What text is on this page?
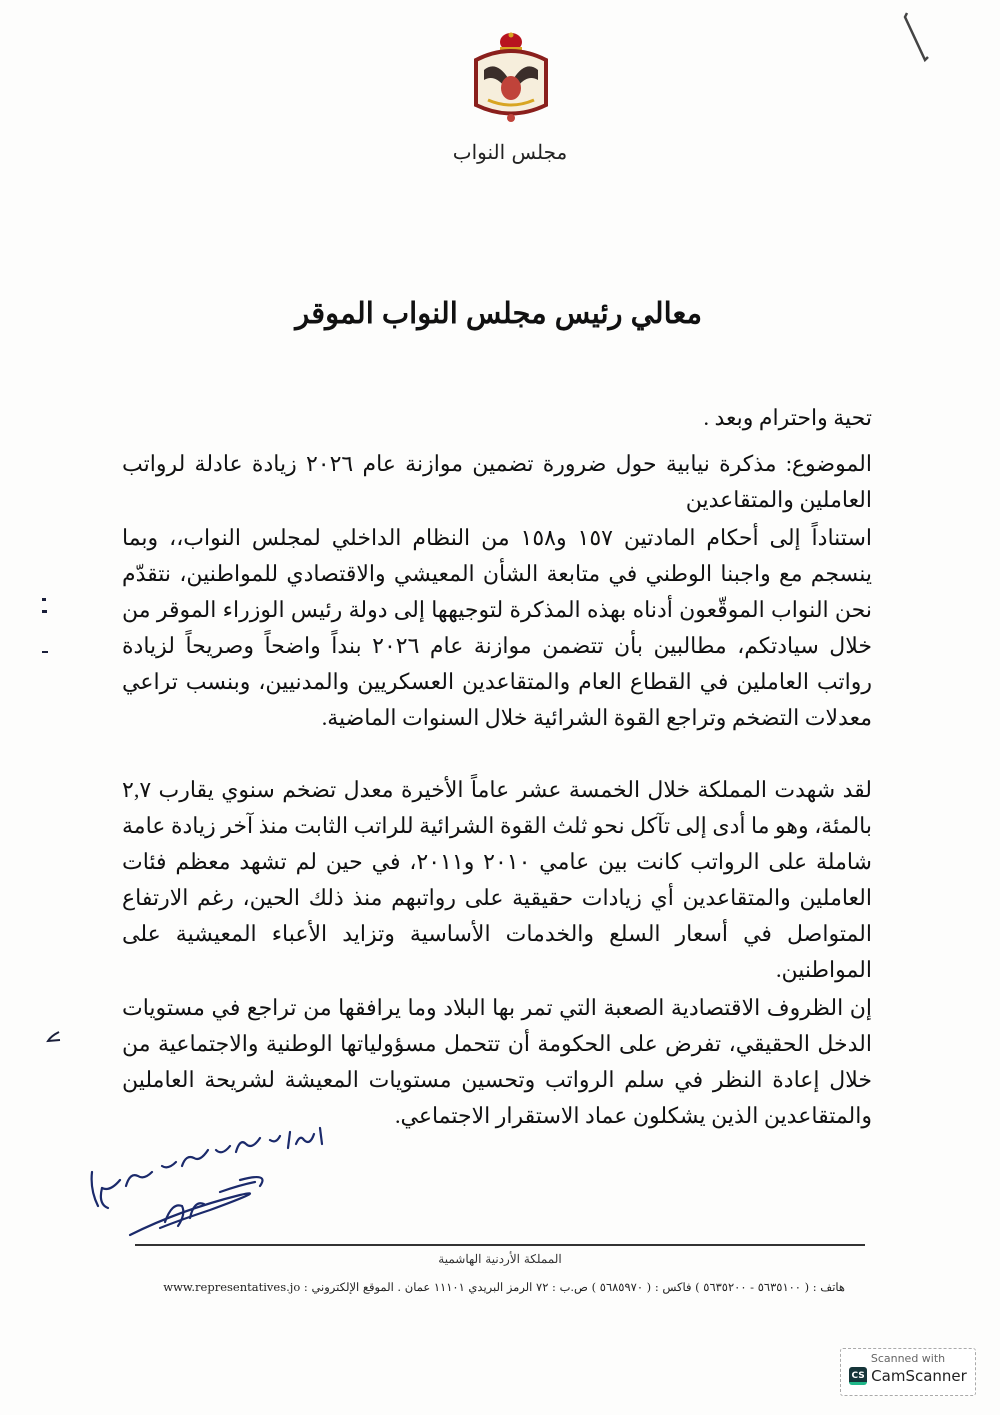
مجلس النواب
معالي رئيس مجلس النواب الموقر
تحية واحترام وبعد .
الموضوع: مذكرة نيابية حول ضرورة تضمين موازنة عام ٢٠٢٦ زيادة عادلة لرواتب العاملين والمتقاعدين
استناداً إلى أحكام المادتين ١٥٧ و١٥٨ من النظام الداخلي لمجلس النواب،، وبما ينسجم مع واجبنا الوطني في متابعة الشأن المعيشي والاقتصادي للمواطنين، نتقدّم نحن النواب الموقّعون أدناه بهذه المذكرة لتوجيهها إلى دولة رئيس الوزراء الموقر من خلال سيادتكم، مطالبين بأن تتضمن موازنة عام ٢٠٢٦ بنداً واضحاً وصريحاً لزيادة رواتب العاملين في القطاع العام والمتقاعدين العسكريين والمدنيين، وبنسب تراعي معدلات التضخم وتراجع القوة الشرائية خلال السنوات الماضية.
لقد شهدت المملكة خلال الخمسة عشر عاماً الأخيرة معدل تضخم سنوي يقارب ٢,٧ بالمئة، وهو ما أدى إلى تآكل نحو ثلث القوة الشرائية للراتب الثابت منذ آخر زيادة عامة شاملة على الرواتب كانت بين عامي ٢٠١٠ و٢٠١١، في حين لم تشهد معظم فئات العاملين والمتقاعدين أي زيادات حقيقية على رواتبهم منذ ذلك الحين، رغم الارتفاع المتواصل في أسعار السلع والخدمات الأساسية وتزايد الأعباء المعيشية على المواطنين.
إن الظروف الاقتصادية الصعبة التي تمر بها البلاد وما يرافقها من تراجع في مستويات الدخل الحقيقي، تفرض على الحكومة أن تتحمل مسؤولياتها الوطنية والاجتماعية من خلال إعادة النظر في سلم الرواتب وتحسين مستويات المعيشة لشريحة العاملين والمتقاعدين الذين يشكلون عماد الاستقرار الاجتماعي.
المملكة الأردنية الهاشمية
هاتف : ( ٥٦٣٥١٠٠ - ٥٦٣٥٢٠٠ ) فاكس : ( ٥٦٨٥٩٧٠ ) ص.ب : ٧٢ الرمز البريدي ١١١٠١ عمان . الموقع الإلكتروني : www.representatives.jo
Scanned with
CS CamScanner
